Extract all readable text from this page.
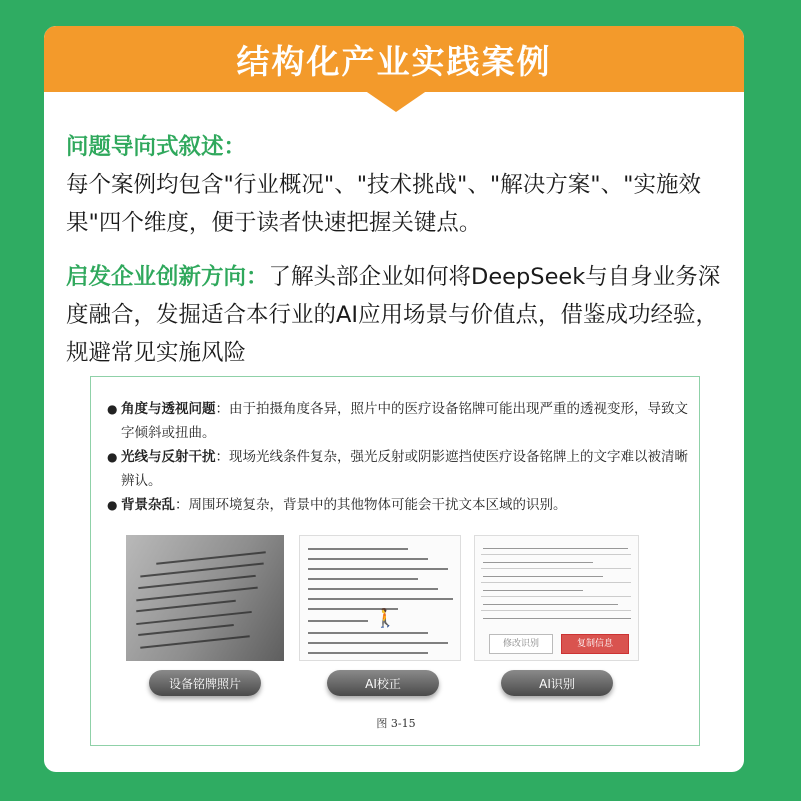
结构化产业实践案例
问题导向式叙述：
每个案例均包含"行业概况"、"技术挑战"、"解决方案"、"实施效果"四个维度，便于读者快速把握关键点。
启发企业创新方向：了解头部企业如何将DeepSeek与自身业务深度融合，发掘适合本行业的AI应用场景与价值点，借鉴成功经验，规避常见实施风险
● 角度与透视问题：由于拍摄角度各异，照片中的医疗设备铭牌可能出现严重的透视变形，导致文字倾斜或扭曲。
● 光线与反射干扰：现场光线条件复杂，强光反射或阴影遮挡使医疗设备铭牌上的文字难以被清晰辨认。
● 背景杂乱：周围环境复杂，背景中的其他物体可能会干扰文本区域的识别。
🚶
修改识别	复制信息
设备铭牌照片	AI校正	AI识别
图 3-15
